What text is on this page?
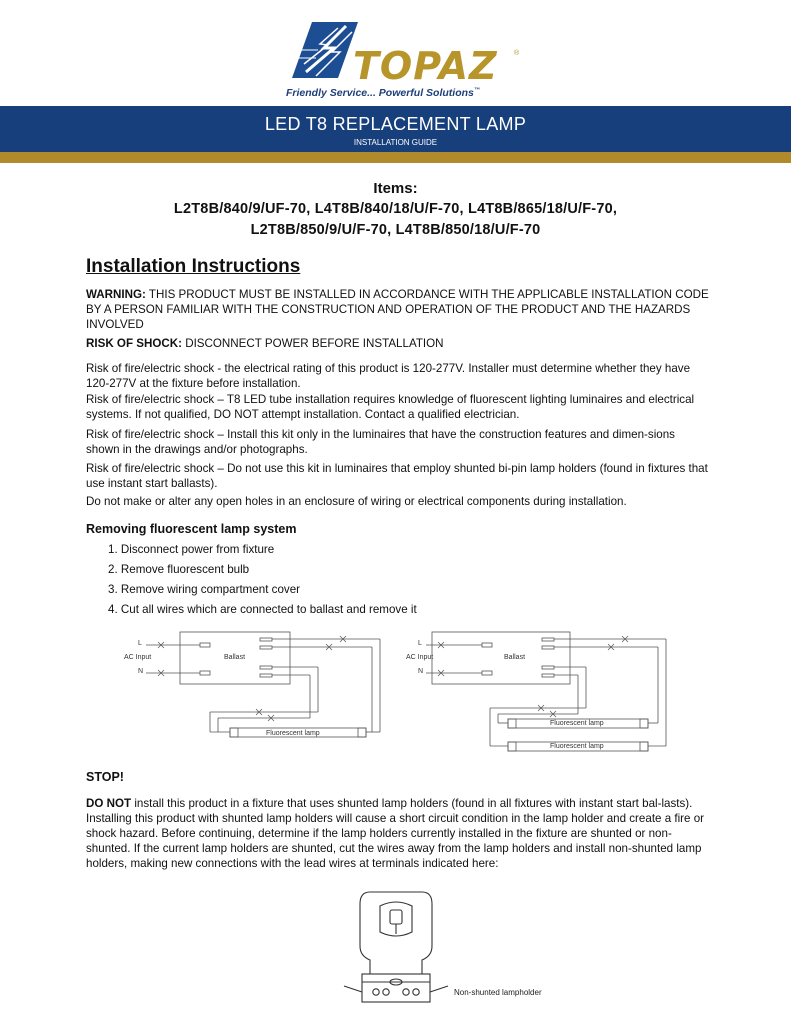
TOPAZ ®
Friendly Service... Powerful Solutions™
LED T8 REPLACEMENT LAMP
INSTALLATION GUIDE
Items:
L2T8B/840/9/UF-70, L4T8B/840/18/U/F-70, L4T8B/865/18/U/F-70,
L2T8B/850/9/U/F-70, L4T8B/850/18/U/F-70
Installation Instructions
WARNING: THIS PRODUCT MUST BE INSTALLED IN ACCORDANCE WITH THE APPLICABLE INSTALLATION CODE BY A PERSON FAMILIAR WITH THE CONSTRUCTION AND OPERATION OF THE PRODUCT AND THE HAZARDS INVOLVED
RISK OF SHOCK: DISCONNECT POWER BEFORE INSTALLATION
Risk of fire/electric shock - the electrical rating of this product is 120-277V. Installer must determine whether they have 120-277V at the fixture before installation.
Risk of fire/electric shock – T8 LED tube installation requires knowledge of fluorescent lighting luminaires and electrical systems. If not qualified, DO NOT attempt installation. Contact a qualified electrician.
Risk of fire/electric shock – Install this kit only in the luminaires that have the construction features and dimen-sions shown in the drawings and/or photographs.
Risk of fire/electric shock – Do not use this kit in luminaires that employ shunted bi-pin lamp holders (found in fixtures that use instant start ballasts).
Do not make or alter any open holes in an enclosure of wiring or electrical components during installation.
Removing fluorescent lamp system
1. Disconnect power from fixture
2. Remove fluorescent bulb
3. Remove wiring compartment cover
4. Cut all wires which are connected to ballast and remove it
L
AC Input
N
Ballast
Fluorescent lamp
L
AC Input
N
Ballast
Fluorescent lamp
Fluorescent lamp
STOP!
DO NOT install this product in a fixture that uses shunted lamp holders (found in all fixtures with instant start bal-lasts). Installing this product with shunted lamp holders will cause a short circuit condition in the lamp holder and create a fire or shock hazard. Before continuing, determine if the lamp holders currently installed in the fixture are shunted or non-shunted. If the current lamp holders are shunted, cut the wires away from the lamp holders and install non-shunted lamp holders, making new connections with the lead wires at terminals indicated here:
Non-shunted lampholder
